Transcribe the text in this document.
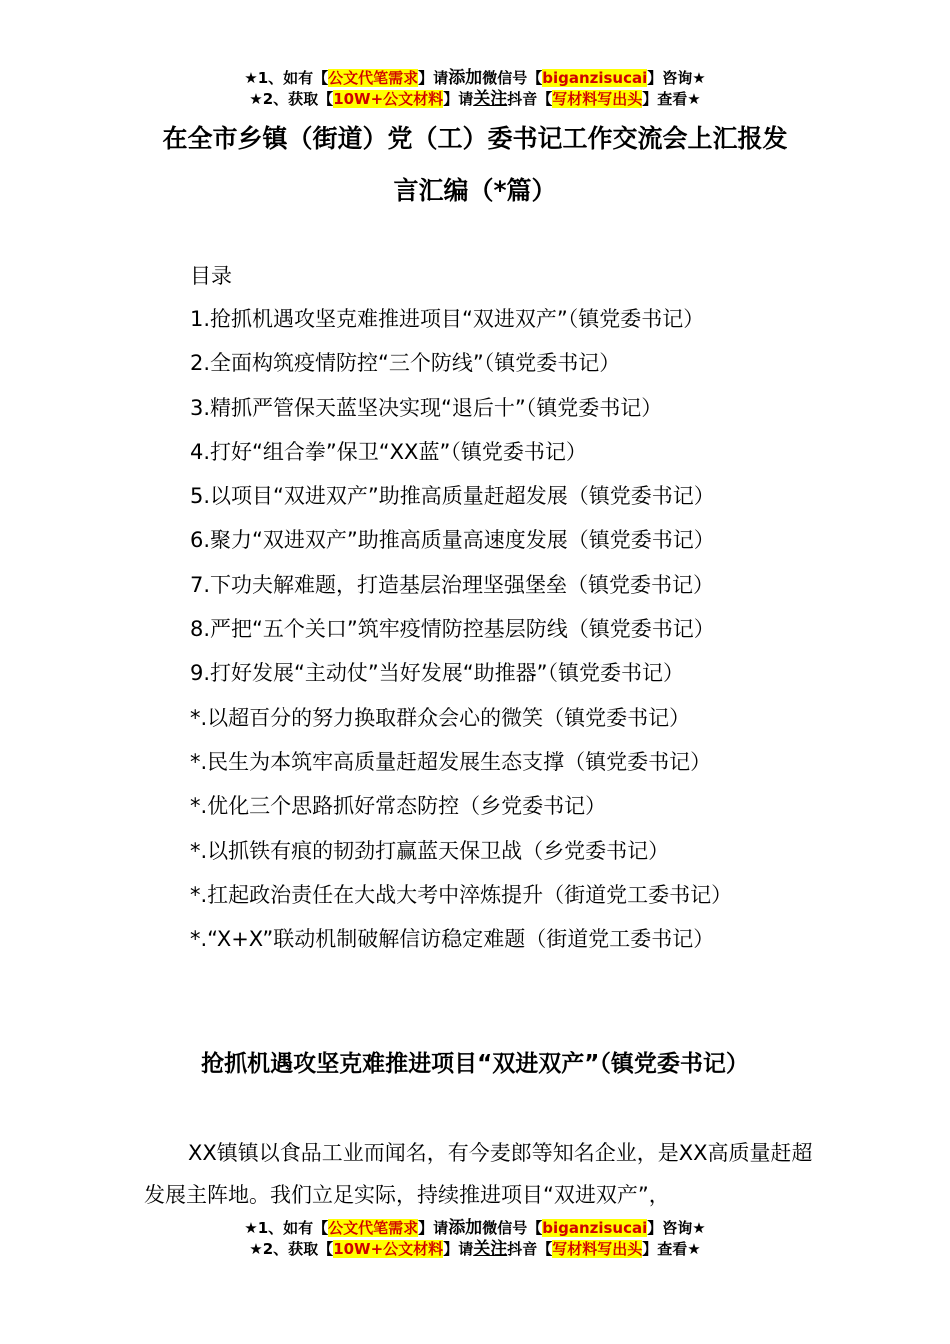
★1、如有【公文代笔需求】请添加微信号【biganzisucai】咨询★
★2、获取【10W+公文材料】请关注抖音【写材料写出头】查看★
在全市乡镇（街道）党（工）委书记工作交流会上汇报发
言汇编（*篇）
目录
1.抢抓机遇攻坚克难推进项目“双进双产”（镇党委书记）
2.全面构筑疫情防控“三个防线”（镇党委书记）
3.精抓严管保天蓝坚决实现“退后十”（镇党委书记）
4.打好“组合拳”保卫“XX蓝”（镇党委书记）
5.以项目“双进双产”助推高质量赶超发展（镇党委书记）
6.聚力“双进双产”助推高质量高速度发展（镇党委书记）
7.下功夫解难题，打造基层治理坚强堡垒（镇党委书记）
8.严把“五个关口”筑牢疫情防控基层防线（镇党委书记）
9.打好发展“主动仗”当好发展“助推器”（镇党委书记）
*.以超百分的努力换取群众会心的微笑（镇党委书记）
*.民生为本筑牢高质量赶超发展生态支撑（镇党委书记）
*.优化三个思路抓好常态防控（乡党委书记）
*.以抓铁有痕的韧劲打赢蓝天保卫战（乡党委书记）
*.扛起政治责任在大战大考中淬炼提升（街道党工委书记）
*.“X+X”联动机制破解信访稳定难题（街道党工委书记）
抢抓机遇攻坚克难推进项目“双进双产”（镇党委书记）

XX镇镇以食品工业而闻名，有今麦郎等知名企业，是XX高质量赶超发展主阵地。我们立足实际，持续推进项目“双进双产”，

★1、如有【公文代笔需求】请添加微信号【biganzisucai】咨询★
★2、获取【10W+公文材料】请关注抖音【写材料写出头】查看★
